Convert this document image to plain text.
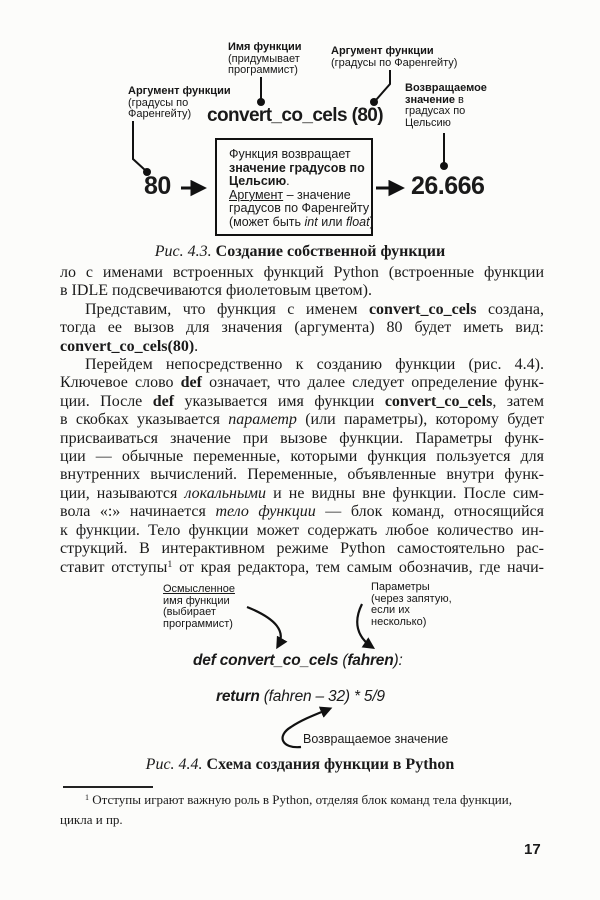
Имя функции
(придумывает
программист)
Аргумент функции
(градусы по Фаренгейту)
Аргумент функции
(градусы по
Фаренгейту)
Возвращаемое
значение в
градусах по
Цельсию
convert_co_cels (80)
80
Функция возвращает
значение градусов по
Цельсию.
Аргумент – значение
градусов по Фаренгейту
(может быть int или float)
26.666
Рис. 4.3. Создание собственной функции
ло с именами встроенных функций Python (встроенные функции
в IDLE подсвечиваются фиолетовым цветом).
Представим, что функция с именем convert_co_cels создана,
тогда ее вызов для значения (аргумента) 80 будет иметь вид:
convert_co_cels(80).
Перейдем непосредственно к созданию функции (рис. 4.4).
Ключевое слово def означает, что далее следует определение функ-
ции. После def указывается имя функции convert_co_cels, затем
в скобках указывается параметр (или параметры), которому будет
присваиваться значение при вызове функции. Параметры функ-
ции — обычные переменные, которыми функция пользуется для
внутренних вычислений. Переменные, объявленные внутри функ-
ции, называются локальными и не видны вне функции. После сим-
вола «:» начинается тело функции — блок команд, относящийся
к функции. Тело функции может содержать любое количество ин-
струкций. В интерактивном режиме Python самостоятельно рас-
ставит отступы$^1$ от края редактора, тем самым обозначив, где начи-
Осмысленное
имя функции
(выбирает
программист)
Параметры
(через запятую,
если их
несколько)
def convert_co_cels (fahren):
return (fahren – 32) * 5/9
Возвращаемое значение
Рис. 4.4. Схема создания функции в Python
$^1$ Отступы играют важную роль в Python, отделяя блок команд тела функции,
цикла и пр.
17
